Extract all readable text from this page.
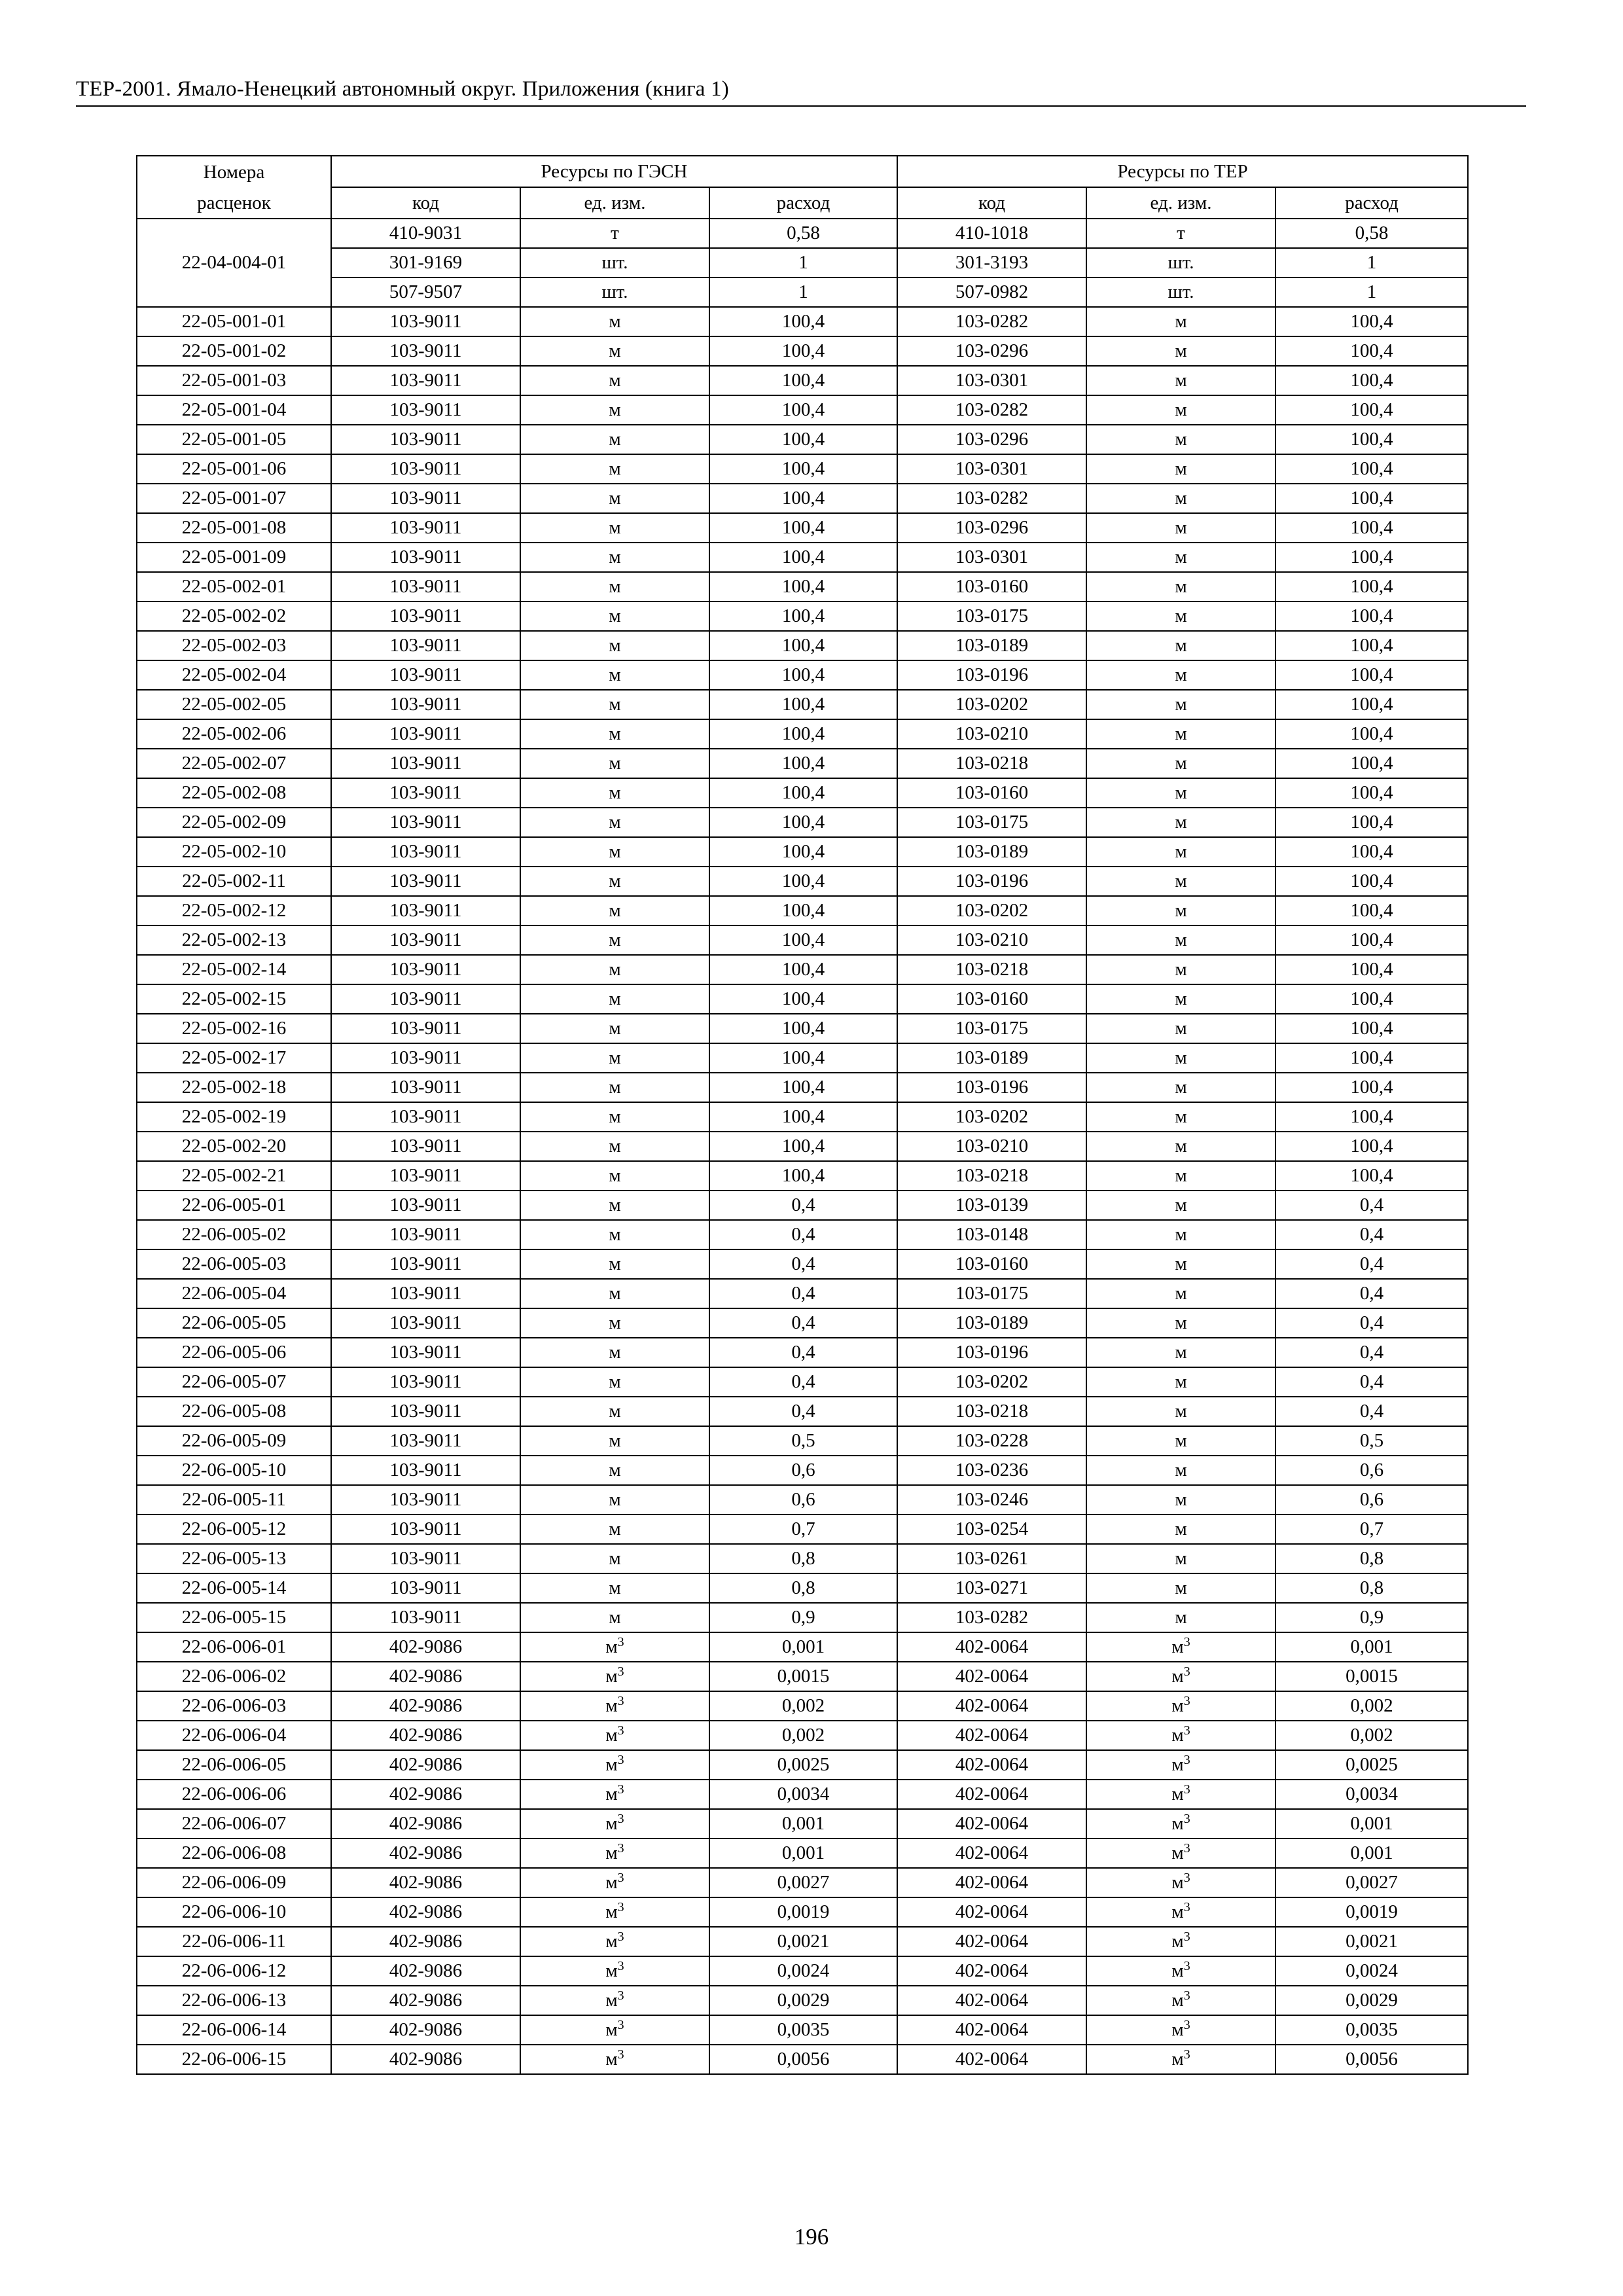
ТЕР-2001. Ямало-Ненецкий автономный округ. Приложения (книга 1)
Номера	Ресурсы по ГЭСН			Ресурсы по ТЕР		
расценок	код	ед. изм.	расход	код	ед. изм.	расход
	410-9031	т	0,58	410-1018	т	0,58
22-04-004-01	301-9169	шт.	1	301-3193	шт.	1
	507-9507	шт.	1	507-0982	шт.	1
22-05-001-01	103-9011	м	100,4	103-0282	м	100,4
22-05-001-02	103-9011	м	100,4	103-0296	м	100,4
22-05-001-03	103-9011	м	100,4	103-0301	м	100,4
22-05-001-04	103-9011	м	100,4	103-0282	м	100,4
22-05-001-05	103-9011	м	100,4	103-0296	м	100,4
22-05-001-06	103-9011	м	100,4	103-0301	м	100,4
22-05-001-07	103-9011	м	100,4	103-0282	м	100,4
22-05-001-08	103-9011	м	100,4	103-0296	м	100,4
22-05-001-09	103-9011	м	100,4	103-0301	м	100,4
22-05-002-01	103-9011	м	100,4	103-0160	м	100,4
22-05-002-02	103-9011	м	100,4	103-0175	м	100,4
22-05-002-03	103-9011	м	100,4	103-0189	м	100,4
22-05-002-04	103-9011	м	100,4	103-0196	м	100,4
22-05-002-05	103-9011	м	100,4	103-0202	м	100,4
22-05-002-06	103-9011	м	100,4	103-0210	м	100,4
22-05-002-07	103-9011	м	100,4	103-0218	м	100,4
22-05-002-08	103-9011	м	100,4	103-0160	м	100,4
22-05-002-09	103-9011	м	100,4	103-0175	м	100,4
22-05-002-10	103-9011	м	100,4	103-0189	м	100,4
22-05-002-11	103-9011	м	100,4	103-0196	м	100,4
22-05-002-12	103-9011	м	100,4	103-0202	м	100,4
22-05-002-13	103-9011	м	100,4	103-0210	м	100,4
22-05-002-14	103-9011	м	100,4	103-0218	м	100,4
22-05-002-15	103-9011	м	100,4	103-0160	м	100,4
22-05-002-16	103-9011	м	100,4	103-0175	м	100,4
22-05-002-17	103-9011	м	100,4	103-0189	м	100,4
22-05-002-18	103-9011	м	100,4	103-0196	м	100,4
22-05-002-19	103-9011	м	100,4	103-0202	м	100,4
22-05-002-20	103-9011	м	100,4	103-0210	м	100,4
22-05-002-21	103-9011	м	100,4	103-0218	м	100,4
22-06-005-01	103-9011	м	0,4	103-0139	м	0,4
22-06-005-02	103-9011	м	0,4	103-0148	м	0,4
22-06-005-03	103-9011	м	0,4	103-0160	м	0,4
22-06-005-04	103-9011	м	0,4	103-0175	м	0,4
22-06-005-05	103-9011	м	0,4	103-0189	м	0,4
22-06-005-06	103-9011	м	0,4	103-0196	м	0,4
22-06-005-07	103-9011	м	0,4	103-0202	м	0,4
22-06-005-08	103-9011	м	0,4	103-0218	м	0,4
22-06-005-09	103-9011	м	0,5	103-0228	м	0,5
22-06-005-10	103-9011	м	0,6	103-0236	м	0,6
22-06-005-11	103-9011	м	0,6	103-0246	м	0,6
22-06-005-12	103-9011	м	0,7	103-0254	м	0,7
22-06-005-13	103-9011	м	0,8	103-0261	м	0,8
22-06-005-14	103-9011	м	0,8	103-0271	м	0,8
22-06-005-15	103-9011	м	0,9	103-0282	м	0,9
22-06-006-01	402-9086	$м^3$	0,001	402-0064	$м^3$	0,001
22-06-006-02	402-9086	$м^3$	0,0015	402-0064	$м^3$	0,0015
22-06-006-03	402-9086	$м^3$	0,002	402-0064	$м^3$	0,002
22-06-006-04	402-9086	$м^3$	0,002	402-0064	$м^3$	0,002
22-06-006-05	402-9086	$м^3$	0,0025	402-0064	$м^3$	0,0025
22-06-006-06	402-9086	$м^3$	0,0034	402-0064	$м^3$	0,0034
22-06-006-07	402-9086	$м^3$	0,001	402-0064	$м^3$	0,001
22-06-006-08	402-9086	$м^3$	0,001	402-0064	$м^3$	0,001
22-06-006-09	402-9086	$м^3$	0,0027	402-0064	$м^3$	0,0027
22-06-006-10	402-9086	$м^3$	0,0019	402-0064	$м^3$	0,0019
22-06-006-11	402-9086	$м^3$	0,0021	402-0064	$м^3$	0,0021
22-06-006-12	402-9086	$м^3$	0,0024	402-0064	$м^3$	0,0024
22-06-006-13	402-9086	$м^3$	0,0029	402-0064	$м^3$	0,0029
22-06-006-14	402-9086	$м^3$	0,0035	402-0064	$м^3$	0,0035
22-06-006-15	402-9086	$м^3$	0,0056	402-0064	$м^3$	0,0056
196
